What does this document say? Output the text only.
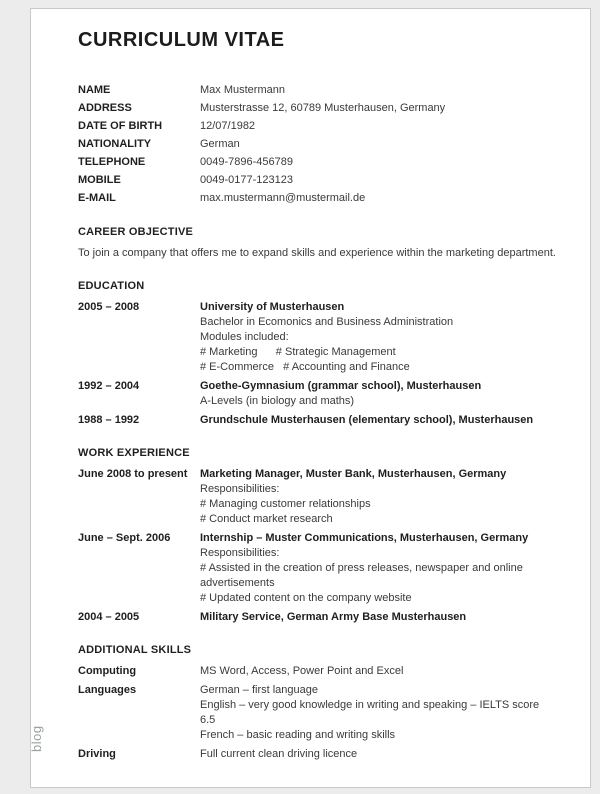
CURRICULUM VITAE
NAME	Max Mustermann
ADDRESS	Musterstrasse 12, 60789 Musterhausen, Germany
DATE OF BIRTH	12/07/1982
NATIONALITY	German
TELEPHONE	0049-7896-456789
MOBILE	0049-0177-123123
E-MAIL	max.mustermann@mustermail.de
CAREER OBJECTIVE
To join a company that offers me to expand skills and experience within the marketing department.
EDUCATION
2005 – 2008	University of Musterhausen
Bachelor in Ecomonics and Business Administration
Modules included:
# Marketing      # Strategic Management
# E-Commerce   # Accounting and Finance
1992 – 2004	Goethe-Gymnasium (grammar school), Musterhausen
A-Levels (in biology and maths)
1988 – 1992	Grundschule Musterhausen (elementary school), Musterhausen
WORK EXPERIENCE
June 2008 to present	Marketing Manager, Muster Bank, Musterhausen, Germany
Responsibilities:
# Managing customer relationships
# Conduct market research
June – Sept. 2006	Internship – Muster Communications, Musterhausen, Germany
Responsibilities:
# Assisted in the creation of press releases, newspaper and online advertisements
# Updated content on the company website
2004 – 2005	Military Service, German Army Base Musterhausen
ADDITIONAL SKILLS
Computing	MS Word, Access, Power Point and Excel
Languages	German – first language
English – very good knowledge in writing and speaking – IELTS score 6.5
French – basic reading and writing skills
Driving	Full current clean driving licence
blog
